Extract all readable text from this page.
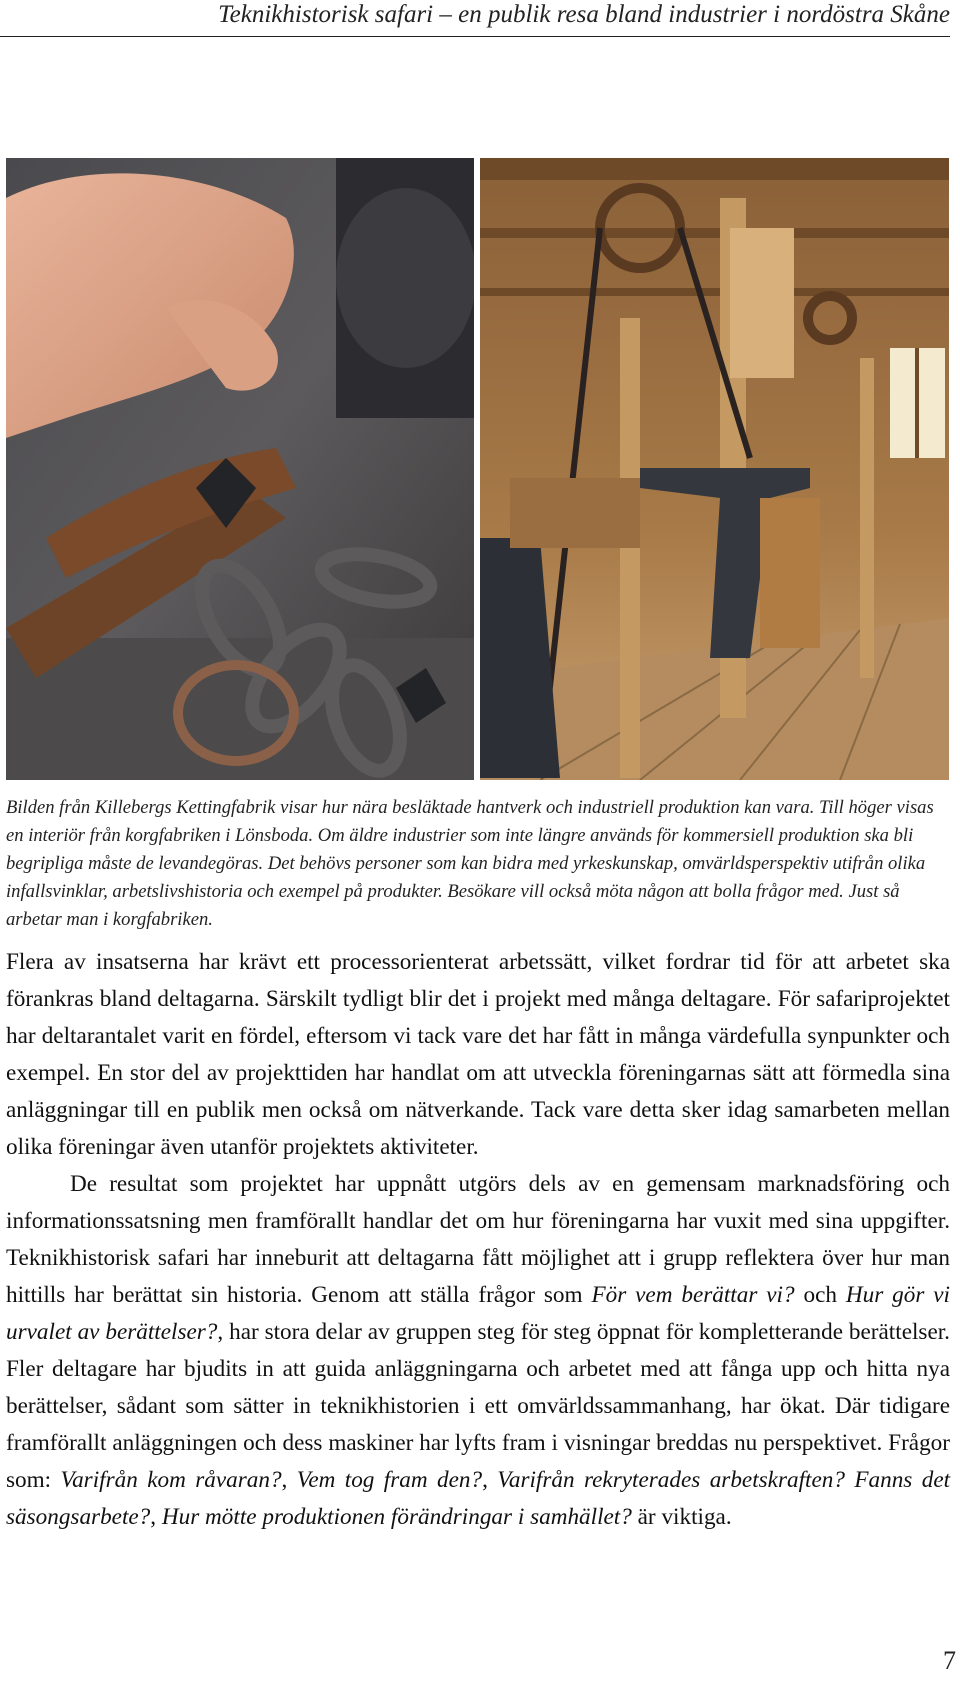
Teknikhistorisk safari – en publik resa bland industrier i nordöstra Skåne
Bilden från Killebergs Kettingfabrik visar hur nära besläktade hantverk och industriell produktion kan vara. Till höger visas en interiör från korgfabriken i Lönsboda. Om äldre industrier som inte längre används för kommersiell produktion ska bli begripliga måste de levandegöras. Det behövs personer som kan bidra med yrkeskunskap, omvärldsperspektiv utifrån olika infallsvinklar, arbetslivshistoria och exempel på produkter. Besökare vill också möta någon att bolla frågor med. Just så arbetar man i korgfabriken.

Flera av insatserna har krävt ett processorienterat arbetssätt, vilket fordrar tid för att arbetet ska förankras bland deltagarna. Särskilt tydligt blir det i projekt med många deltagare. För safariprojektet har deltarantalet varit en fördel, eftersom vi tack vare det har fått in många värdefulla synpunkter och exempel. En stor del av projekttiden har handlat om att utveckla föreningarnas sätt att förmedla sina anläggningar till en publik men också om nätverkande. Tack vare detta sker idag samarbeten mellan olika föreningar även utanför projektets aktiviteter.

De resultat som projektet har uppnått utgörs dels av en gemensam marknadsföring och informationssatsning men framförallt handlar det om hur föreningarna har vuxit med sina uppgifter. Teknikhistorisk safari har inneburit att deltagarna fått möjlighet att i grupp reflektera över hur man hittills har berättat sin historia. Genom att ställa frågor som För vem berättar vi? och Hur gör vi urvalet av berättelser?, har stora delar av gruppen steg för steg öppnat för kompletterande berättelser. Fler deltagare har bjudits in att guida anläggningarna och arbetet med att fånga upp och hitta nya berättelser, sådant som sätter in teknikhistorien i ett omvärldssammanhang, har ökat. Där tidigare framförallt anläggningen och dess maskiner har lyfts fram i visningar breddas nu perspektivet. Frågor som: Varifrån kom råvaran?, Vem tog fram den?, Varifrån rekryterades arbetskraften? Fanns det säsongsarbete?, Hur mötte produktionen förändringar i samhället? är viktiga.

7
